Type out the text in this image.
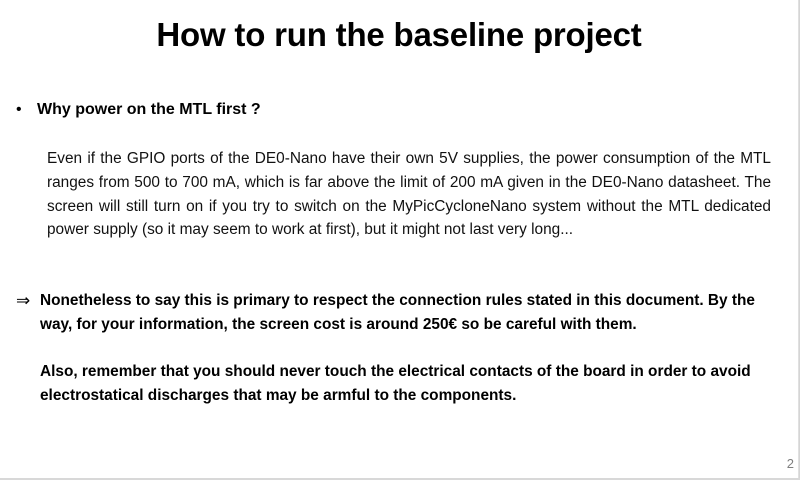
How to run the baseline project
• Why power on the MTL first ?

Even if the GPIO ports of the DE0-Nano have their own 5V supplies, the power consumption of the MTL ranges from 500 to 700 mA, which is far above the limit of 200 mA given in the DE0-Nano datasheet. The screen will still turn on if you try to switch on the MyPicCycloneNano system without the MTL dedicated power supply (so it may seem to work at first), but it might not last very long...

⇒ Nonetheless to say this is primary to respect the connection rules stated in this document. By the way, for your information, the screen cost is around 250€ so be careful with them.

Also, remember that you should never touch the electrical contacts of the board in order to avoid electrostatical discharges that may be armful to the components.

2
